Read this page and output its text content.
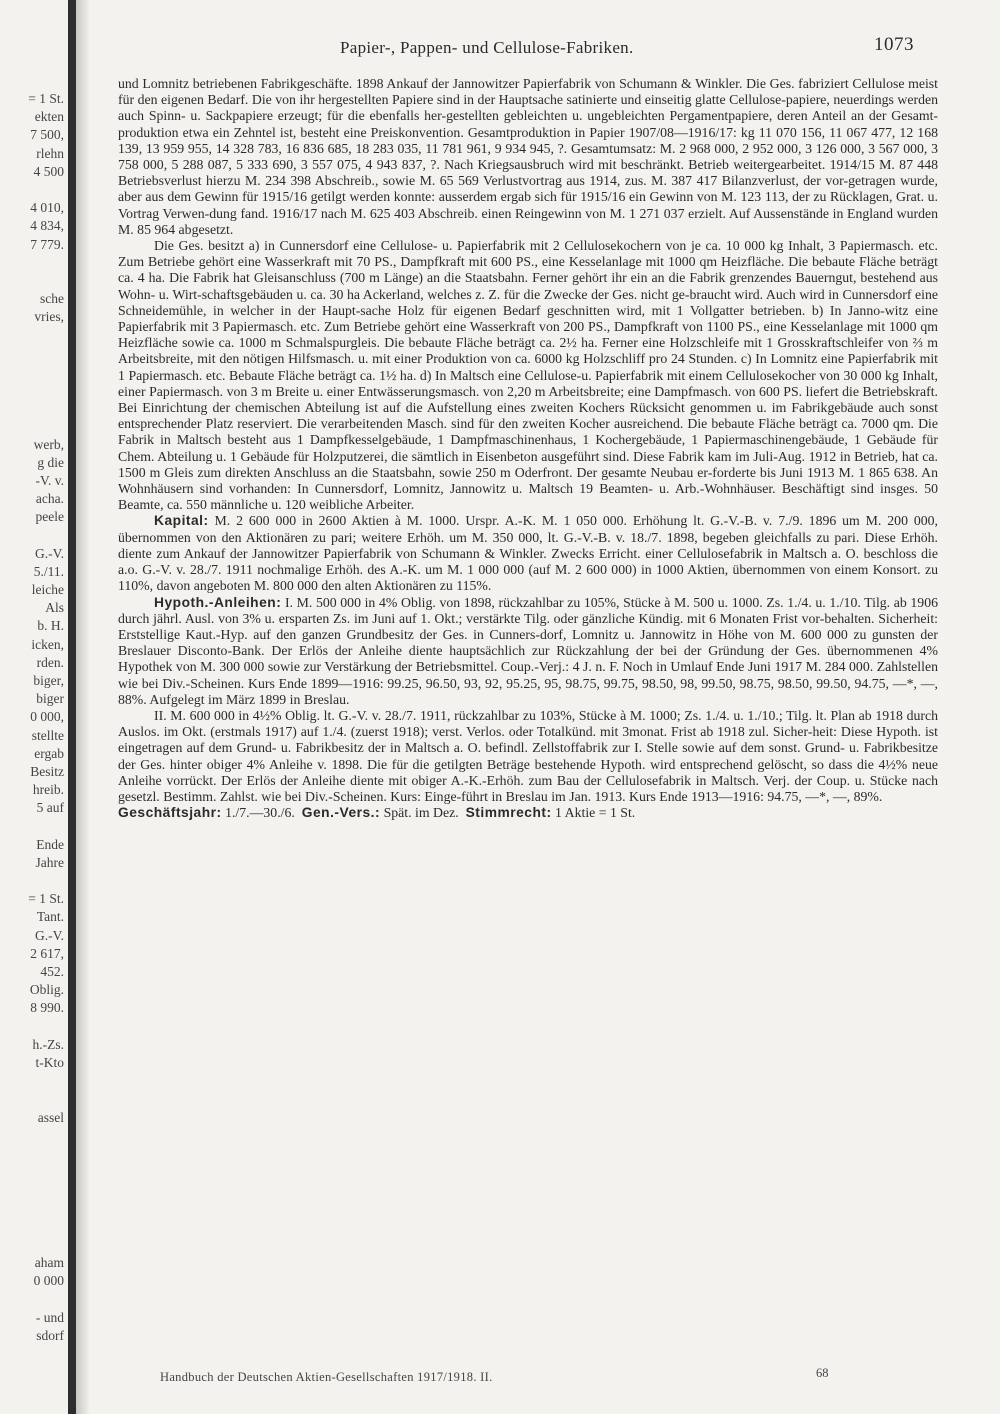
= 1 St.
ekten
7 500,
rlehn
4 500
4 010,
4 834,
7 779.
sche
vries,
werb,
g die
-V. v.
acha.
peele
G.-V.
5./11.
leiche
Als
b. H.
icken,
rden.
biger,
biger
0 000,
stellte
ergab
Besitz
hreib.
5 auf
Ende
Jahre
= 1 St.
Tant.
G.-V.
2 617,
452.
Oblig.
8 990.
h.-Zs.
t-Kto
assel
aham
0 000
- und
sdorf
Papier-, Pappen- und Cellulose-Fabriken.	1073

und Lomnitz betriebenen Fabrikgeschäfte. 1898 Ankauf der Jannowitzer Papierfabrik von Schumann & Winkler. Die Ges. fabriziert Cellulose meist für den eigenen Bedarf. Die von ihr hergestellten Papiere sind in der Hauptsache satinierte und einseitig glatte Cellulose-papiere, neuerdings werden auch Spinn- u. Sackpapiere erzeugt; für die ebenfalls her-gestellten gebleichten u. ungebleichten Pergamentpapiere, deren Anteil an der Gesamt-produktion etwa ein Zehntel ist, besteht eine Preiskonvention. Gesamtproduktion in Papier 1907/08—1916/17: kg 11 070 156, 11 067 477, 12 168 139, 13 959 955, 14 328 783, 16 836 685, 18 283 035, 11 781 961, 9 934 945, ?. Gesamtumsatz: M. 2 968 000, 2 952 000, 3 126 000, 3 567 000, 3 758 000, 5 288 087, 5 333 690, 3 557 075, 4 943 837, ?. Nach Kriegsausbruch wird mit beschränkt. Betrieb weitergearbeitet. 1914/15 M. 87 448 Betriebsverlust hierzu M. 234 398 Abschreib., sowie M. 65 569 Verlustvortrag aus 1914, zus. M. 387 417 Bilanzverlust, der vor-getragen wurde, aber aus dem Gewinn für 1915/16 getilgt werden konnte: ausserdem ergab sich für 1915/16 ein Gewinn von M. 123 113, der zu Rücklagen, Grat. u. Vortrag Verwen-dung fand. 1916/17 nach M. 625 403 Abschreib. einen Reingewinn von M. 1 271 037 erzielt. Auf Aussenstände in England wurden M. 85 964 abgesetzt.

Die Ges. besitzt a) in Cunnersdorf eine Cellulose- u. Papierfabrik mit 2 Cellulosekochern von je ca. 10 000 kg Inhalt, 3 Papiermasch. etc. Zum Betriebe gehört eine Wasserkraft mit 70 PS., Dampfkraft mit 600 PS., eine Kesselanlage mit 1000 qm Heizfläche. Die bebaute Fläche beträgt ca. 4 ha. Die Fabrik hat Gleisanschluss (700 m Länge) an die Staatsbahn. Ferner gehört ihr ein an die Fabrik grenzendes Bauerngut, bestehend aus Wohn- u. Wirt-schaftsgebäuden u. ca. 30 ha Ackerland, welches z. Z. für die Zwecke der Ges. nicht ge-braucht wird. Auch wird in Cunnersdorf eine Schneidemühle, in welcher in der Haupt-sache Holz für eigenen Bedarf geschnitten wird, mit 1 Vollgatter betrieben. b) In Janno-witz eine Papierfabrik mit 3 Papiermasch. etc. Zum Betriebe gehört eine Wasserkraft von 200 PS., Dampfkraft von 1100 PS., eine Kesselanlage mit 1000 qm Heizfläche sowie ca. 1000 m Schmalspurgleis. Die bebaute Fläche beträgt ca. 2½ ha. Ferner eine Holzschleife mit 1 Grosskraftschleifer von ⅔ m Arbeitsbreite, mit den nötigen Hilfsmasch. u. mit einer Produktion von ca. 6000 kg Holzschliff pro 24 Stunden. c) In Lomnitz eine Papierfabrik mit 1 Papiermasch. etc. Bebaute Fläche beträgt ca. 1½ ha. d) In Maltsch eine Cellulose-u. Papierfabrik mit einem Cellulosekocher von 30 000 kg Inhalt, einer Papiermasch. von 3 m Breite u. einer Entwässerungsmasch. von 2,20 m Arbeitsbreite; eine Dampfmasch. von 600 PS. liefert die Betriebskraft. Bei Einrichtung der chemischen Abteilung ist auf die Aufstellung eines zweiten Kochers Rücksicht genommen u. im Fabrikgebäude auch sonst entsprechender Platz reserviert. Die verarbeitenden Masch. sind für den zweiten Kocher ausreichend. Die bebaute Fläche beträgt ca. 7000 qm. Die Fabrik in Maltsch besteht aus 1 Dampfkesselgebäude, 1 Dampfmaschinenhaus, 1 Kochergebäude, 1 Papiermaschinengebäude, 1 Gebäude für Chem. Abteilung u. 1 Gebäude für Holzputzerei, die sämtlich in Eisenbeton ausgeführt sind. Diese Fabrik kam im Juli-Aug. 1912 in Betrieb, hat ca. 1500 m Gleis zum direkten Anschluss an die Staatsbahn, sowie 250 m Oderfront. Der gesamte Neubau er-forderte bis Juni 1913 M. 1 865 638. An Wohnhäusern sind vorhanden: In Cunnersdorf, Lomnitz, Jannowitz u. Maltsch 19 Beamten- u. Arb.-Wohnhäuser. Beschäftigt sind insges. 50 Beamte, ca. 550 männliche u. 120 weibliche Arbeiter.

Kapital: M. 2 600 000 in 2600 Aktien à M. 1000. Urspr. A.-K. M. 1 050 000. Erhöhung lt. G.-V.-B. v. 7./9. 1896 um M. 200 000, übernommen von den Aktionären zu pari; weitere Erhöh. um M. 350 000, lt. G.-V.-B. v. 18./7. 1898, begeben gleichfalls zu pari. Diese Erhöh. diente zum Ankauf der Jannowitzer Papierfabrik von Schumann & Winkler. Zwecks Erricht. einer Cellulosefabrik in Maltsch a. O. beschloss die a.o. G.-V. v. 28./7. 1911 nochmalige Erhöh. des A.-K. um M. 1 000 000 (auf M. 2 600 000) in 1000 Aktien, übernommen von einem Konsort. zu 110%, davon angeboten M. 800 000 den alten Aktionären zu 115%.

Hypoth.-Anleihen: I. M. 500 000 in 4% Oblig. von 1898, rückzahlbar zu 105%, Stücke à M. 500 u. 1000. Zs. 1./4. u. 1./10. Tilg. ab 1906 durch jährl. Ausl. von 3% u. ersparten Zs. im Juni auf 1. Okt.; verstärkte Tilg. oder gänzliche Kündig. mit 6 Monaten Frist vor-behalten. Sicherheit: Erststellige Kaut.-Hyp. auf den ganzen Grundbesitz der Ges. in Cunners-dorf, Lomnitz u. Jannowitz in Höhe von M. 600 000 zu gunsten der Breslauer Disconto-Bank. Der Erlös der Anleihe diente hauptsächlich zur Rückzahlung der bei der Gründung der Ges. übernommenen 4% Hypothek von M. 300 000 sowie zur Verstärkung der Betriebsmittel. Coup.-Verj.: 4 J. n. F. Noch in Umlauf Ende Juni 1917 M. 284 000. Zahlstellen wie bei Div.-Scheinen. Kurs Ende 1899—1916: 99.25, 96.50, 93, 92, 95.25, 95, 98.75, 99.75, 98.50, 98, 99.50, 98.75, 98.50, 99.50, 94.75, —*, —, 88%. Aufgelegt im März 1899 in Breslau.

II. M. 600 000 in 4½% Oblig. lt. G.-V. v. 28./7. 1911, rückzahlbar zu 103%, Stücke à M. 1000; Zs. 1./4. u. 1./10.; Tilg. lt. Plan ab 1918 durch Auslos. im Okt. (erstmals 1917) auf 1./4. (zuerst 1918); verst. Verlos. oder Totalkünd. mit 3monat. Frist ab 1918 zul. Sicher-heit: Diese Hypoth. ist eingetragen auf dem Grund- u. Fabrikbesitz der in Maltsch a. O. befindl. Zellstoffabrik zur I. Stelle sowie auf dem sonst. Grund- u. Fabrikbesitze der Ges. hinter obiger 4% Anleihe v. 1898. Die für die getilgten Beträge bestehende Hypoth. wird entsprechend gelöscht, so dass die 4½% neue Anleihe vorrückt. Der Erlös der Anleihe diente mit obiger A.-K.-Erhöh. zum Bau der Cellulosefabrik in Maltsch. Verj. der Coup. u. Stücke nach gesetzl. Bestimm. Zahlst. wie bei Div.-Scheinen. Kurs: Einge-führt in Breslau im Jan. 1913. Kurs Ende 1913—1916: 94.75, —*, —, 89%.

Geschäftsjahr: 1./7.—30./6. Gen.-Vers.: Spät. im Dez. Stimmrecht: 1 Aktie = 1 St.

Handbuch der Deutschen Aktien-Gesellschaften 1917/1918. II.	68
